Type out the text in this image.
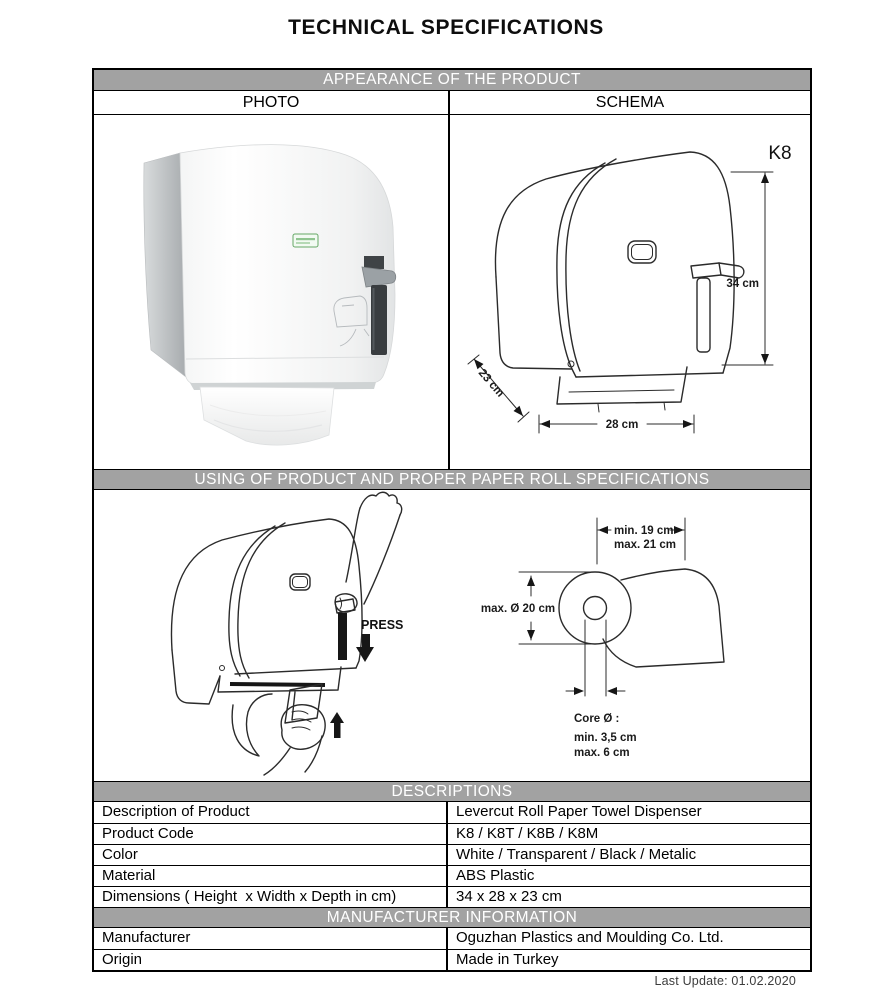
TECHNICAL SPECIFICATIONS
APPEARANCE OF THE PRODUCT
PHOTO	SCHEMA
K8
34 cm
28 cm
23 cm
USING OF PRODUCT AND PROPER PAPER ROLL SPECIFICATIONS
PRESS
min. 19 cm
max. 21 cm
max. Ø 20 cm
Core Ø :
min. 3,5 cm
max. 6 cm
DESCRIPTIONS
Description of Product	Levercut Roll Paper Towel Dispenser
Product Code	K8 / K8T / K8B / K8M
Color	White / Transparent / Black / Metalic
Material	ABS Plastic
Dimensions ( Height  x Width x Depth in cm)	34 x 28 x 23 cm
MANUFACTURER INFORMATION
Manufacturer	Oguzhan Plastics and Moulding Co. Ltd.
Origin	Made in Turkey
Last Update: 01.02.2020
